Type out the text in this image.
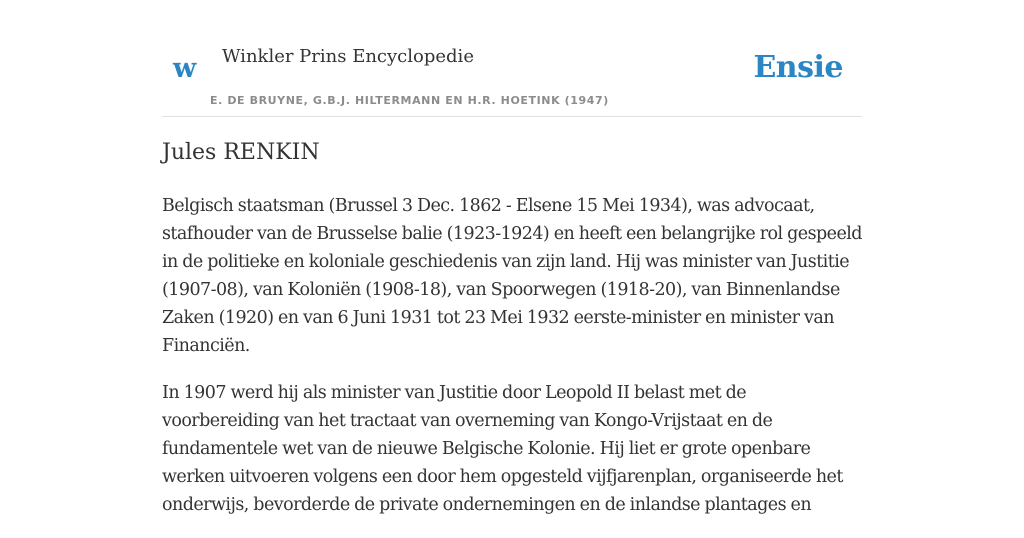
w Winkler Prins Encyclopedie
E. DE BRUYNE, G.B.J. HILTERMANN EN H.R. HOETINK (1947)
Ensie
Jules RENKIN

Belgisch staatsman (Brussel 3 Dec. 1862 - Elsene 15 Mei 1934), was advocaat, stafhouder van de Brusselse balie (1923-1924) en heeft een belangrijke rol gespeeld in de politieke en koloniale geschiedenis van zijn land. Hij was minister van Justitie (1907-08), van Koloniën (1908-18), van Spoorwegen (1918-20), van Binnenlandse Zaken (1920) en van 6 Juni 1931 tot 23 Mei 1932 eerste-minister en minister van Financiën.

In 1907 werd hij als minister van Justitie door Leopold II belast met de voorbereiding van het tractaat van overneming van Kongo-Vrijstaat en de fundamentele wet van de nieuwe Belgische Kolonie. Hij liet er grote openbare werken uitvoeren volgens een door hem opgesteld vijfjarenplan, organiseerde het onderwijs, bevorderde de private ondernemingen en de inlandse plantages en
